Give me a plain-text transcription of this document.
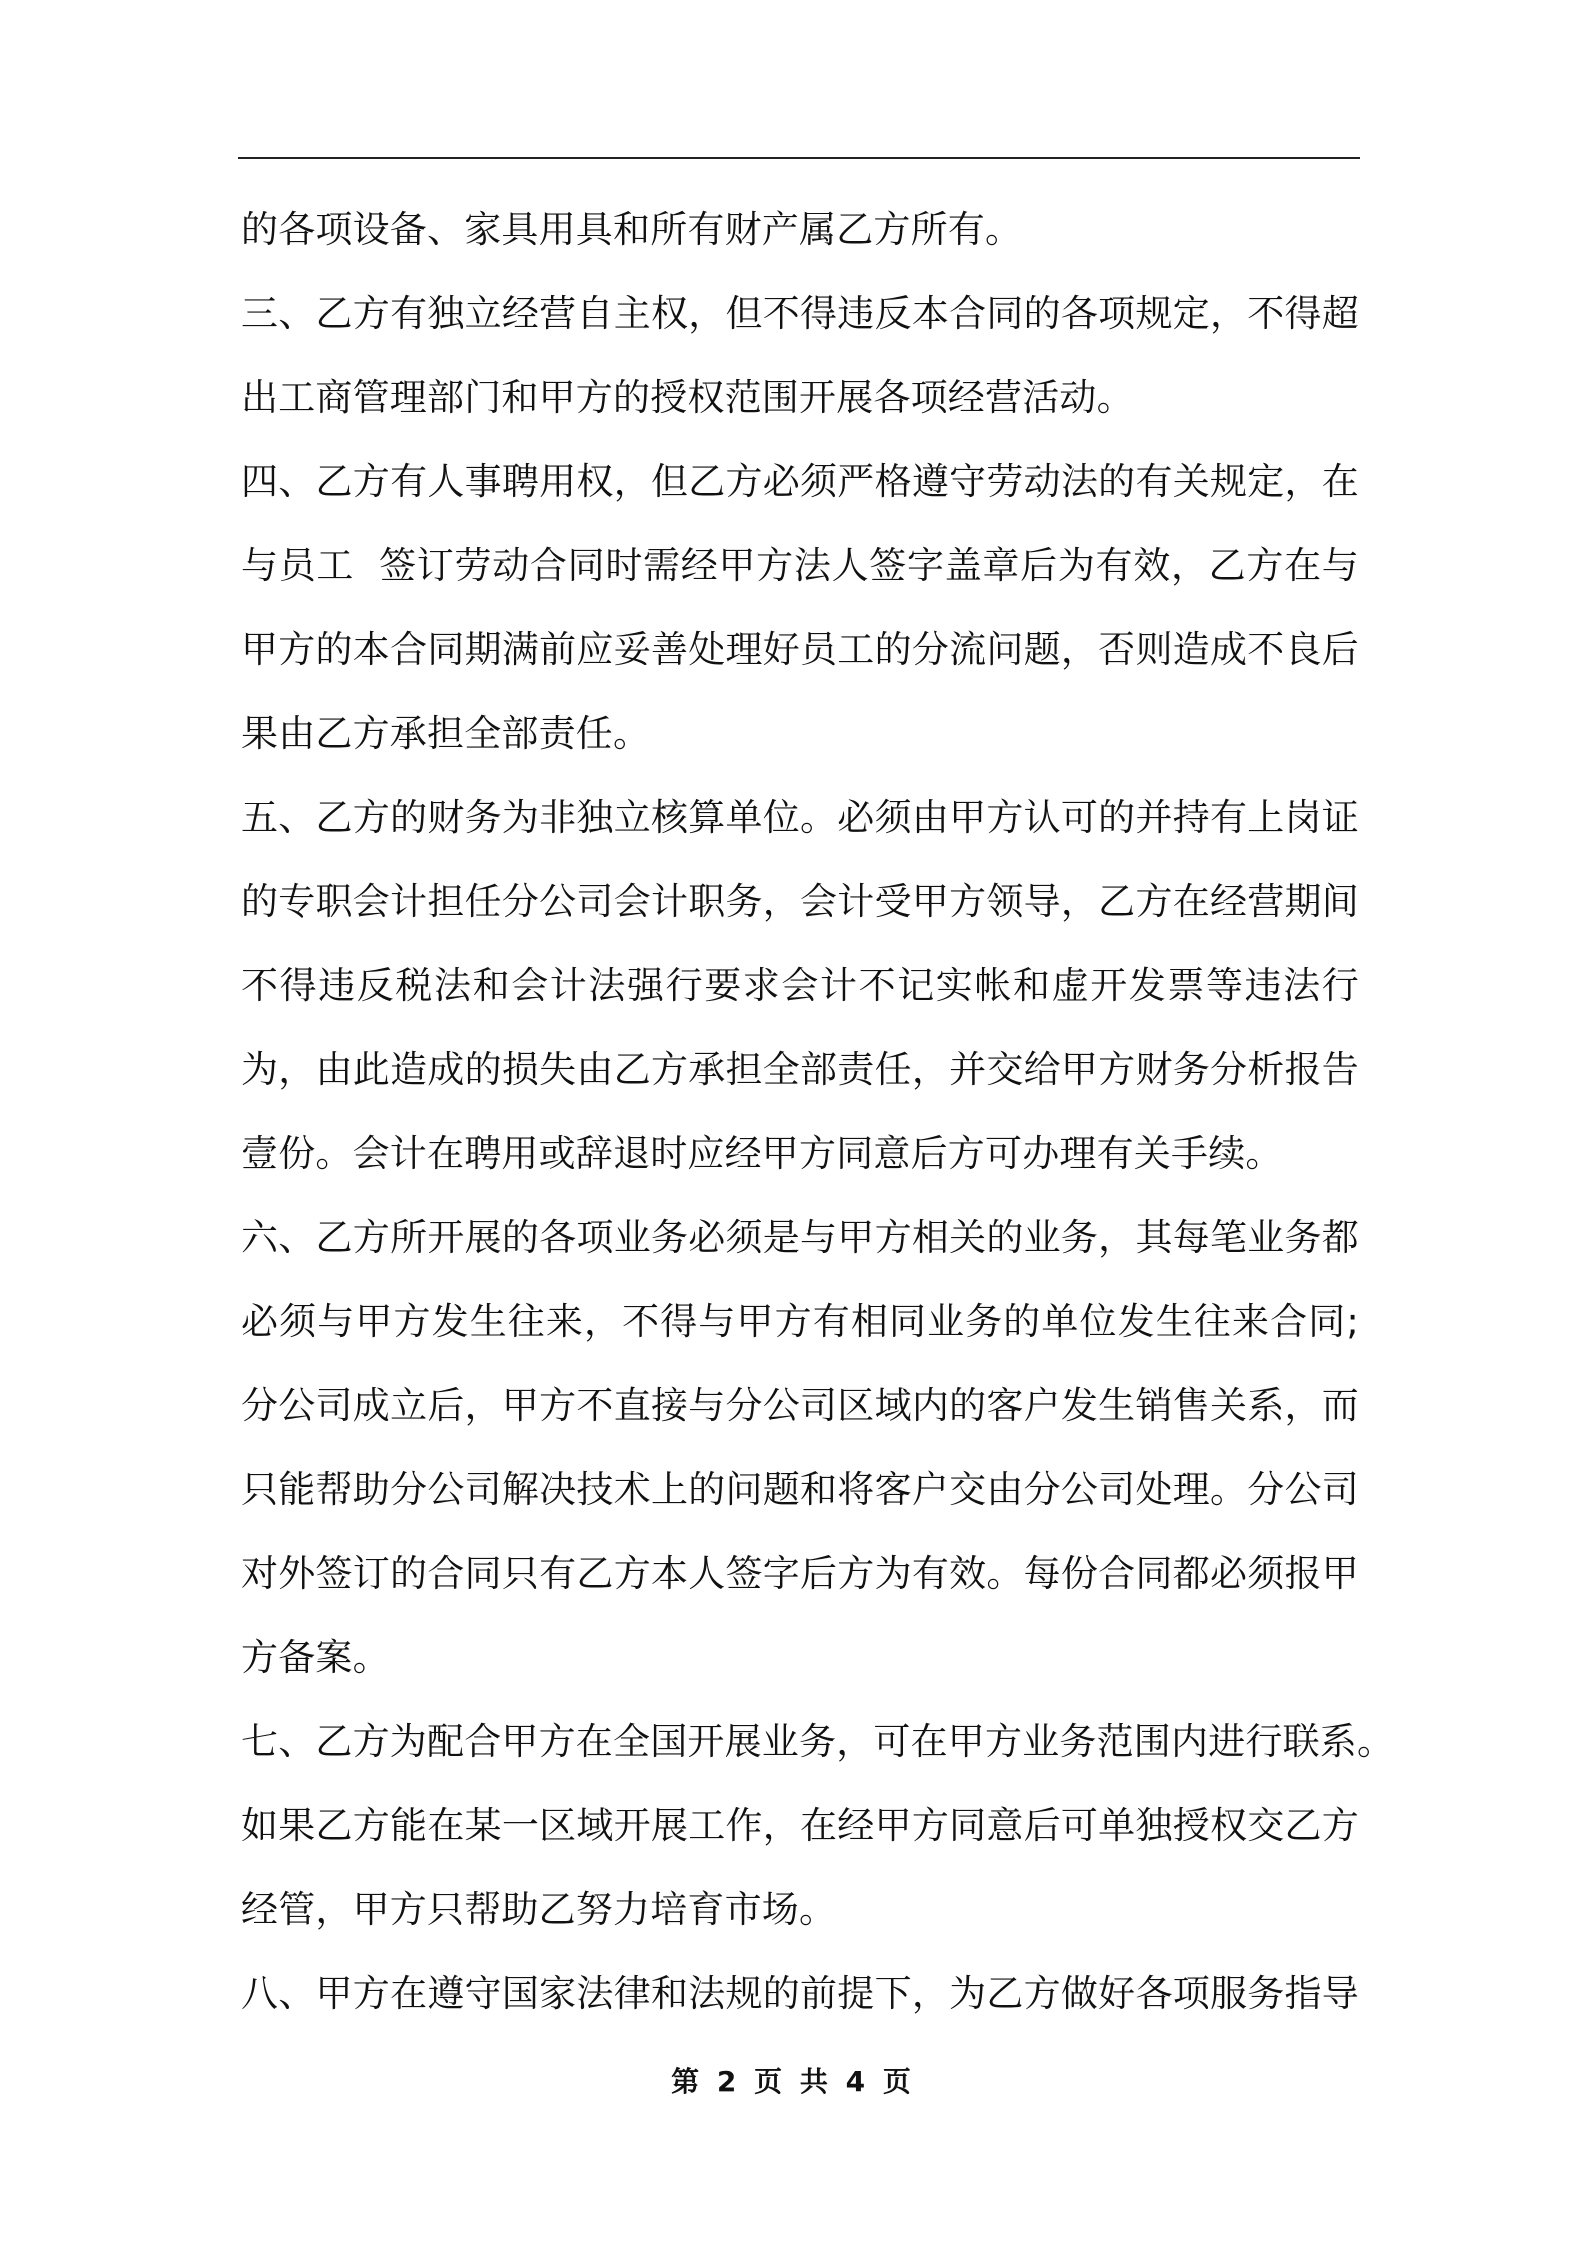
的各项设备、家具用具和所有财产属乙方所有。
三、乙方有独立经营自主权，但不得违反本合同的各项规定，不得超
出工商管理部门和甲方的授权范围开展各项经营活动。
四、乙方有人事聘用权，但乙方必须严格遵守劳动法的有关规定，在
与员工  签订劳动合同时需经甲方法人签字盖章后为有效，乙方在与
甲方的本合同期满前应妥善处理好员工的分流问题，否则造成不良后
果由乙方承担全部责任。
五、乙方的财务为非独立核算单位。必须由甲方认可的并持有上岗证
的专职会计担任分公司会计职务，会计受甲方领导，乙方在经营期间
不得违反税法和会计法强行要求会计不记实帐和虚开发票等违法行
为，由此造成的损失由乙方承担全部责任，并交给甲方财务分析报告
壹份。会计在聘用或辞退时应经甲方同意后方可办理有关手续。
六、乙方所开展的各项业务必须是与甲方相关的业务，其每笔业务都
必须与甲方发生往来，不得与甲方有相同业务的单位发生往来合同;
分公司成立后，甲方不直接与分公司区域内的客户发生销售关系，而
只能帮助分公司解决技术上的问题和将客户交由分公司处理。分公司
对外签订的合同只有乙方本人签字后方为有效。每份合同都必须报甲
方备案。
七、乙方为配合甲方在全国开展业务，可在甲方业务范围内进行联系。
如果乙方能在某一区域开展工作，在经甲方同意后可单独授权交乙方
经管，甲方只帮助乙努力培育市场。
八、甲方在遵守国家法律和法规的前提下，为乙方做好各项服务指导
第 2 页 共 4 页
